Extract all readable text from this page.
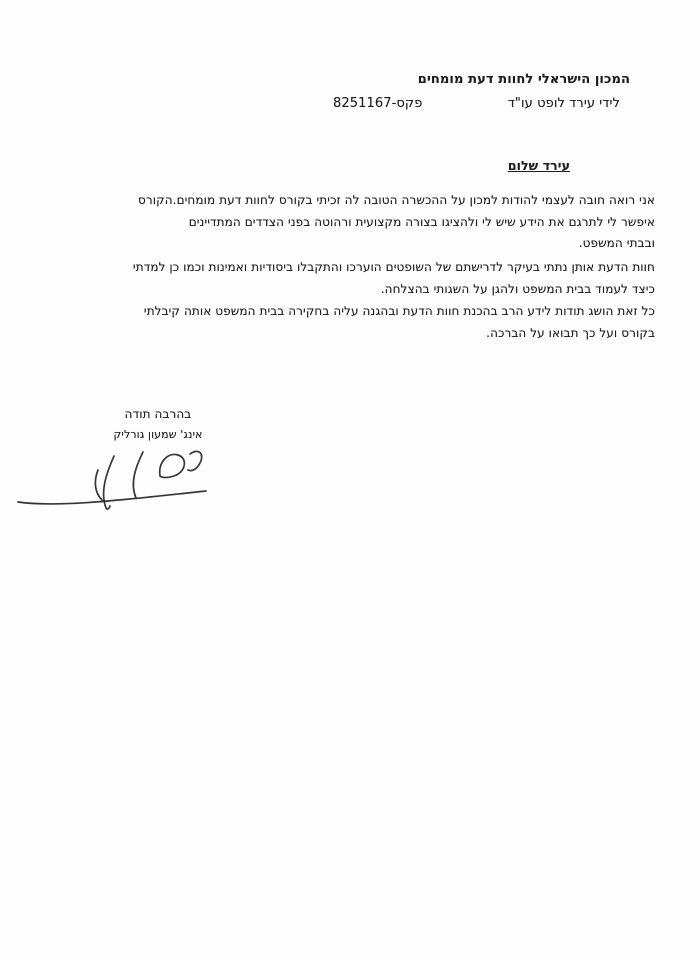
המכון הישראלי לחוות דעת מומחים
לידי עירד לופט עו"ד
פקס-8251167
עירד שלום
אני רואה חובה לעצמי להודות למכון על ההכשרה הטובה לה זכיתי בקורס לחוות דעת מומחים.הקורס
איפשר לי לתרגם את הידע שיש לי ולהציגו בצורה מקצועית ורהוטה בפני הצדדים המתדיינים
ובבתי המשפט.
חוות הדעת אותן נתתי בעיקר לדרישתם של השופטים הוערכו והתקבלו ביסודיות ואמינות וכמו כן למדתי
כיצד לעמוד בבית המשפט ולהגן על השגותי בהצלחה.
כל זאת הושג תודות לידע הרב בהכנת חוות הדעת ובהגנה עליה בחקירה בבית המשפט אותה קיבלתי
בקורס ועל כך תבואו על הברכה.
בהרבה תודה
אינג' שמעון גורליק
